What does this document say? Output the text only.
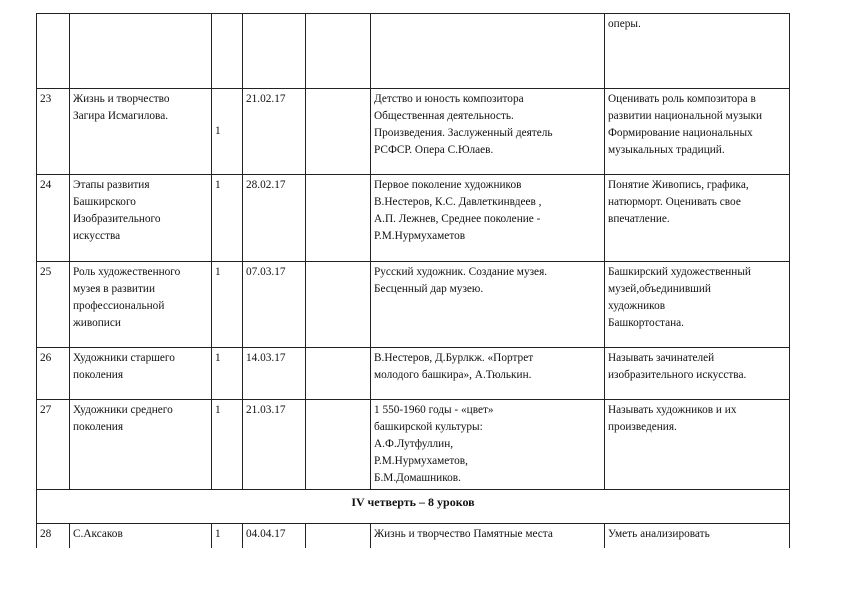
						оперы.
23	Жизнь и творчество
Загира Исмагилова.	1	21.02.17		Детство и юность композитора
Общественная деятельность.
Произведения. Заслуженный деятель
РСФСР. Опера С.Юлаев.	Оценивать роль композитора в
развитии национальной музыки
Формирование национальных
музыкальных традиций.
24	Этапы развития
Башкирского
Изобразительного
искусства	1	28.02.17		Первое поколение художников
В.Нестеров, К.С. Давлеткинвдеев ,
А.П. Лежнев, Среднее поколение -
Р.М.Нурмухаметов	Понятие Живопись, графика,
натюрморт. Оценивать свое
впечатление.
25	Роль художественного
музея в развитии
профессиональной
живописи	1	07.03.17		Русский художник. Создание музея.
Бесценный дар музею.	Башкирский художественный
музей,объединивший
художников
Башкортостана.
26	Художники старшего
поколения	1	14.03.17		В.Нестеров, Д.Бурлкж. «Портрет
молодого башкира», А.Тюлькин.	Называть зачинателей
изобразительного искусства.
27	Художники среднего
поколения	1	21.03.17		1 550-1960 годы - «цвет»
башкирской культуры:
А.Ф.Лутфуллин,
Р.М.Нурмухаметов,
Б.М.Домашников.	Называть художников и их
произведения.
IV четверть – 8 уроков						
28	С.Аксаков	1	04.04.17		Жизнь и творчество Памятные места	Уметь анализировать
